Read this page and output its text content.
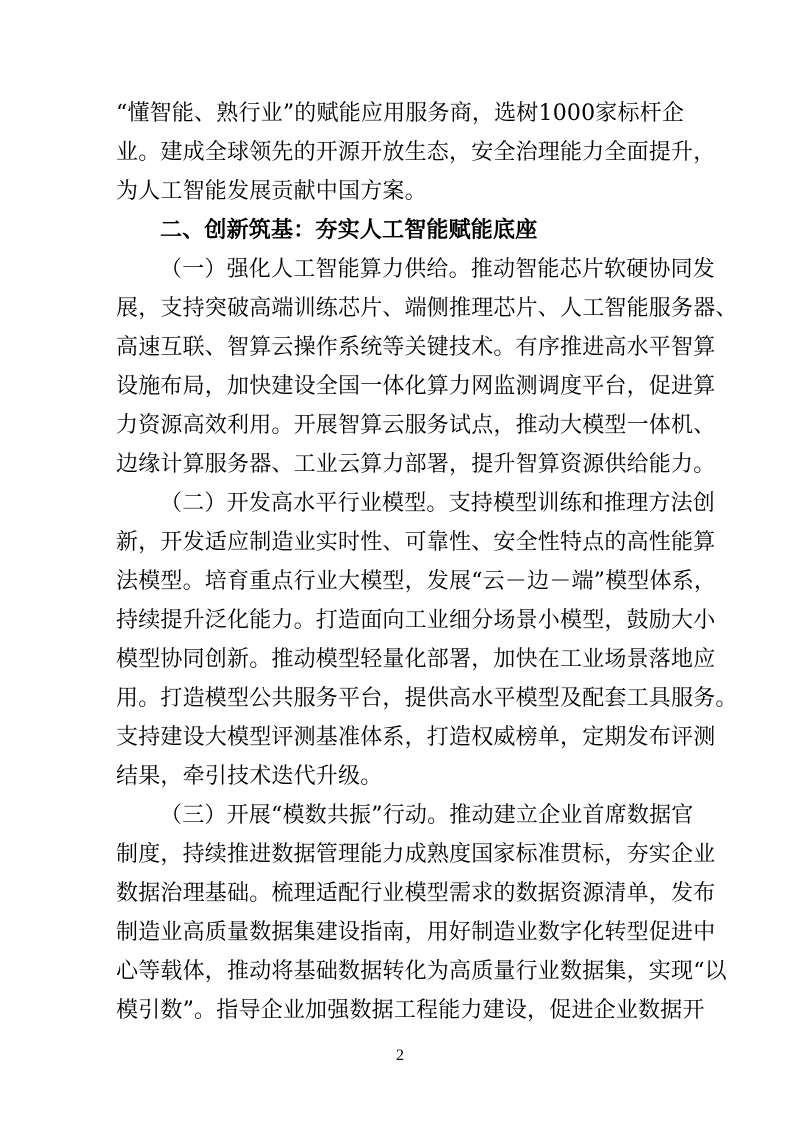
“懂智能、熟行业”的赋能应用服务商，选树1000家标杆企
业。建成全球领先的开源开放生态，安全治理能力全面提升，
为人工智能发展贡献中国方案。
二、创新筑基：夯实人工智能赋能底座
（一）强化人工智能算力供给。推动智能芯片软硬协同发
展，支持突破高端训练芯片、端侧推理芯片、人工智能服务器、
高速互联、智算云操作系统等关键技术。有序推进高水平智算
设施布局，加快建设全国一体化算力网监测调度平台，促进算
力资源高效利用。开展智算云服务试点，推动大模型一体机、
边缘计算服务器、工业云算力部署，提升智算资源供给能力。
（二）开发高水平行业模型。支持模型训练和推理方法创
新，开发适应制造业实时性、可靠性、安全性特点的高性能算
法模型。培育重点行业大模型，发展“云－边－端”模型体系，
持续提升泛化能力。打造面向工业细分场景小模型，鼓励大小
模型协同创新。推动模型轻量化部署，加快在工业场景落地应
用。打造模型公共服务平台，提供高水平模型及配套工具服务。
支持建设大模型评测基准体系，打造权威榜单，定期发布评测
结果，牵引技术迭代升级。
（三）开展“模数共振”行动。推动建立企业首席数据官
制度，持续推进数据管理能力成熟度国家标准贯标，夯实企业
数据治理基础。梳理适配行业模型需求的数据资源清单，发布
制造业高质量数据集建设指南，用好制造业数字化转型促进中
2
心等载体，推动将基础数据转化为高质量行业数据集，实现“以
模引数”。指导企业加强数据工程能力建设，促进企业数据开
